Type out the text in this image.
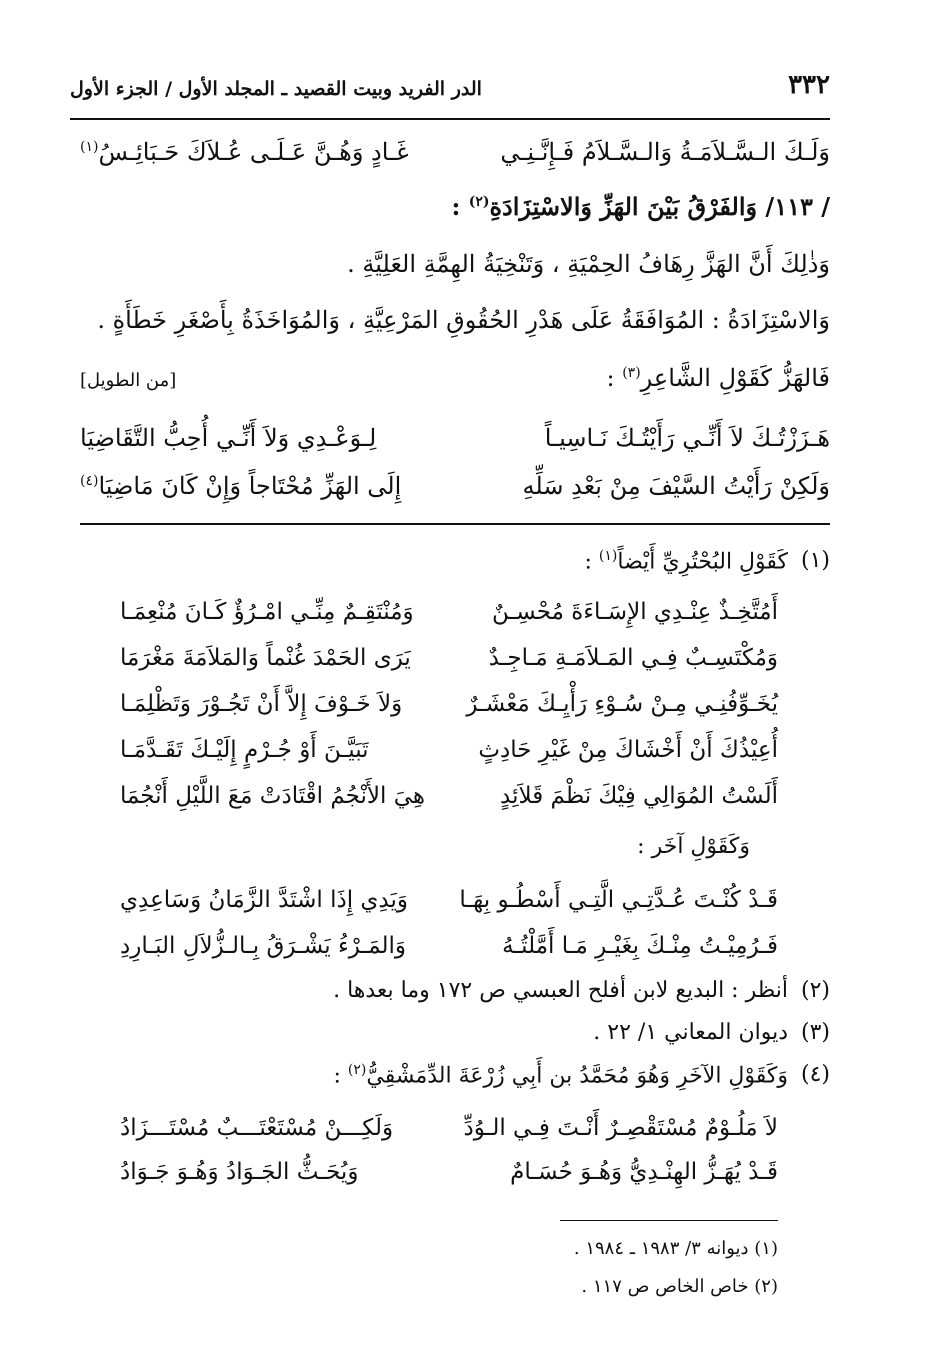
٣٣٢
الدر الفريد وبيت القصيد ـ المجلد الأول / الجزء الأول
وَلَـكَ الـسَّـلاَمَـةُ وَالـسَّـلاَمُ فَـإِنَّـنِـي
غَـادٍ وَهُـنَّ عَـلَـى عُـلاَكَ حَـبَائِـسُ$^{(١)}$
/ ١١٣/ وَالفَرْقُ بَيْنَ الهَزِّ وَالاسْتِزَادَةِ$^{(٢)}$ :
وَذٰلِكَ أَنَّ الهَزَّ رِهَافُ الحِمْيَةِ ، وَتَنْخِيَةُ الهِمَّةِ العَلِيَّةِ .
وَالاسْتِزَادَةُ : المُوَافَقَةُ عَلَى هَدْرِ الحُقُوقِ المَرْعِيَّةِ ، وَالمُوَاخَذَةُ بِأَصْغَرِ خَطَأَةٍ .
فَالهَزُّ كَقَوْلِ الشَّاعِرِ$^{(٣)}$ :
[من الطويل]
هَـزَزْتُـكَ لاَ أَنِّـي رَأَيْتُـكَ نَـاسِيـاً
لِـوَعْـدِي وَلاَ أَنِّـي أُحِبُّ التَّقَاضِيَا
وَلَكِنْ رَأَيْتُ السَّيْفَ مِنْ بَعْدِ سَلِّهِ
إِلَى الهَزِّ مُحْتَاجاً وَإِنْ كَانَ مَاضِيَا$^{(٤)}$
(١)
كَقَوْلِ البُحْتُرِيِّ أَيْضاً$^{(١)}$ :
أَمُتَّخِـذٌ عِنْـدِي الإِسَـاءَةَ مُحْسِـنٌ
وَمُنْتَقِـمٌ مِنِّـي امْـرُؤٌ كَـانَ مُنْعِمَـا
وَمُكْتَسِـبٌ فِـي المَـلاَمَـةِ مَـاجِـدٌ
يَرَى الحَمْدَ غُنْماً وَالمَلاَمَةَ مَغْرَمَا
يُخَـوِّفُنِـي مِـنْ سُـوْءِ رَأْيِـكَ مَعْشَـرٌ
وَلاَ خَـوْفَ إِلاَّ أَنْ تَجُـوْرَ وَتَظْلِمَـا
أُعِيْذُكَ أَنْ أَخْشَاكَ مِنْ غَيْرِ حَادِثٍ
تَبَيَّـنَ أَوْ جُـرْمٍ إِلَيْـكَ تَقَـدَّمَـا
أَلَسْتُ المُوَالِي فِيْكَ نَظْمَ قَلاَئِدٍ
هِيَ الأَنْجُمُ اقْتَادَتْ مَعَ اللَّيْلِ أَنْجُمَا
وَكَقَوْلِ آخَر :
قَـدْ كُنْـتَ عُـدَّتِـي الَّتِـي أَسْطُـو بِهَـا
وَيَدِي إِذَا اشْتَدَّ الزَّمَانُ وَسَاعِدِي
فَـرُمِيْـتُ مِنْـكَ بِغَيْـرِ مَـا أَمَّلْتُـهُ
وَالمَـرْءُ يَشْـرَقُ بِـالـزُّلاَلِ البَـارِدِ
(٢)
أنظر : البديع لابن أفلح العبسي ص ١٧٢ وما بعدها .
(٣)
ديوان المعاني ١/ ٢٢ .
(٤)
وَكَقَوْلِ الآخَرِ وَهُوَ مُحَمَّدُ بن أَبِي زُرْعَةَ الدِّمَشْقِيُّ$^{(٢)}$ :
لاَ مَلُـوْمٌ مُسْتَقْصِـرٌ أَنْـتَ فِـي الـوُدِّ
وَلَكِـــنْ مُسْتَعْتَـــبٌ مُسْتَـــزَادُ
قَـدْ يُهَـزُّ الهِنْـدِيُّ وَهُـوَ حُسَـامٌ
وَيُحَـثُّ الجَـوَادُ وَهُـوَ جَـوَادُ
(١) ديوانه ٣/ ١٩٨٣ ـ ١٩٨٤ .
(٢) خاص الخاص ص ١١٧ .
